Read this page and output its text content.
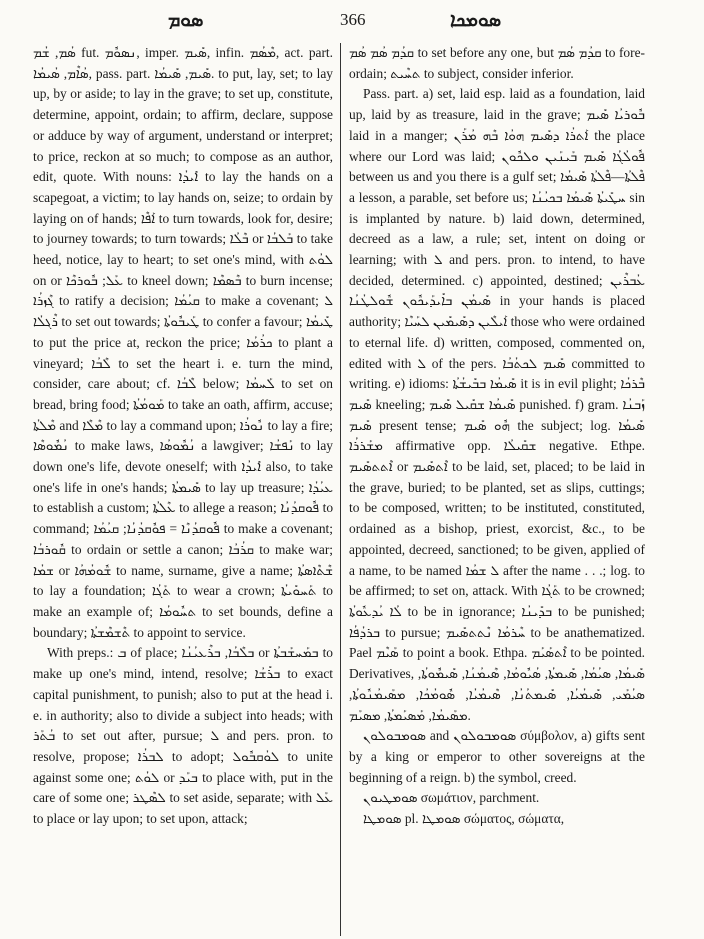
ܣܘܡ	366	ܣܘܡܟܐ

ܣܳܡ, ܫܳܡ fut. ܢܣܘܽܡ, imper. ܣܺܝܡ, infin. ܡܶܣܳܡ, act. part. ܣܳܐܶܡ, ܣܳܝܡܳܐ, pass. part. ܣܺܝܡ, ܣܺܝܡܳܐ. to put, lay, set; to lay up, by or aside; to lay in the grave; to set up, constitute, determine, appoint, ordain; to affirm, declare, suppose or adduce by way of argument, understand or interpret; to price, reckon at so much; to compose as an author, edit, quote. With nouns: ܐܺܝܕܳܐ to lay the hands on a scapegoat, a victim; to lay hands on, seize; to ordain by laying on of hands; ܐܰܦܶܐ to turn towards, look for, desire; to journey towards; to turn towards; ܒܶܠܳܐ or ܒܰܠܒܳܐ to take heed, notice, lay to heart; to set one's mind, with ܠܘܳܬ on or ܥܰܠ; ܒܽܘܪܟܶܐ to kneel down; ܒܶܣܡܶܐ to burn incense; ܓܶܙܪܳܐ to ratify a decision; ܩܝܳܡܳܐ to make a covenant; ܠ ܪܶܓܠܳܐ to set out towards; ܛܰܝܒܽܘܬܳܐ to confer a favour; ܛܺܝܡܳܐ to put the price at, reckon the price; ܟܪܳܡܳܐ to plant a vineyard; ܠܶܒܳܐ to set the heart i. e. turn the mind, consider, care about; cf. ܠܶܒܳܐ below; ܠܰܚܡܳܐ to set on bread, bring food; ܡܰܘܡܳܬܳܐ to take an oath, affirm, accuse; ܡܶܠܬܳܐ and ܡܶܠܶܐ to lay a command upon; ܢܽܘܪܳܐ to lay a fire; ܢܳܡܽܘܣܶܐ to make laws, ܢܳܡܽܘܣܳܐ a lawgiver; ܢܰܦܫܳܐ to lay down one's life, devote oneself; with ܐܺܝܕܳܐ also, to take one's life in one's hands; ܣܺܝܡܬܳܐ to lay up treasure; ܥܝܳܕܳܐ to establish a custom; ܥܶܠܬܳܐ to allege a reason; ܦܽܘܩܕܳܢܳܐ to command; ܦܽܘܩܕܳܢܶܐ = ܦܘܽܩܕܳܢܳܐ; ܩܝܳܡܳܐ to make a covenant; ܩܽܘܪܒܳܐ to ordain or settle a canon; ܩܪܳܒܳܐ to make war; ܫܡܳܐ or ܫܽܘܡܳܗܳܐ to name, surname, give a name; ܫܶܬܶܐܣܬܳܐ to lay a foundation; ܬܰܓܳܐ to wear a crown; ܬܰܚܘܺܝܬܳܐ to make an example of; ܬܚܽܘܡܳܐ to set bounds, define a boundary; ܬܶܫܡܶܫܬܳܐ to appoint to service.

With preps.: ܒ of place; ܒܠܶܒܳܐ, ܒܪܶܥܝܳܢܳܐ or ܒܡܰܚܫܰܒܬܳܐ to make up one's mind, intend, resolve; ܒܪܺܫܳܐ to exact capital punishment, to punish; also to put at the head i. e. in authority; also to divide a subject into heads; with ܒܳܬܰܪ to set out after, pursue; ܠ and pers. pron. to resolve, propose; ܠܒܪܳܐ to adopt; ܠܘܳܩܒܽܘܠ to unite against some one; ܠܘܳܬ or ܒܝܰܕ to place with, put in the care of some one; ܠܣܶܛܪ to set aside, separate; with ܥܰܠ to place or lay upon; to set upon, attack;

ܩܕܳܡ ܣܳܡ ܣܳܡ to set before any one, but ܩܕܳܡ ܣܳܡ to fore-ordain; ܬܚܶܝܬ to subject, consider inferior.

Pass. part. a) set, laid esp. laid as a foundation, laid up, laid by as treasure, laid in the grave; ܒܽܘܪܝܳܐ ܣܺܝܡ laid in a manger; ܐܰܬܪܳܐ ܕܣܺܝܡ ܗܘܳܐ ܒܶܗ ܡܳܪܰܢ the place where our Lord was laid; ܦܽܘܠܳܓܳܐ ܣܺܝܡ ܒܰܝܢܰܝܢ ܘܠܟܽܘܢ between us and you there is a gulf set; ܦܶܠܬܳܐ—ܦܶܠܬܳܐ ܣܺܝܡܳܐ a lesson, a parable, set before us; ܚܛܺܝܬܳܐ ܣܺܝܡܳܐ ܒܟܝܳܢܳܐ sin is implanted by nature. b) laid down, determined, decreed as a law, a rule; set, intent on doing or learning; with ܠ and pers. pron. to intend, to have decided, determined. c) appointed, destined; ܥܳܒܪܶܝܢ ܣܺܝܡܳܢ ܒܐܺܝܕܰܝܟܽܘܢ ܫܽܘܠܛܳܢܳܐ in your hands is placed authority; ܐܰܝܠܶܝܢ ܕܣܺܝܡܺܝܢ ܠܚܰܝܶܐ those who were ordained to eternal life. d) written, composed, commented on, edited with ܠ of the pers. ܣܺܝܡ ܠܟܬܳܒܳܐ committed to writing. e) idioms: ܣܺܝܡܳܐ ܒܒܺܝܫܳܬܳܐ it is in evil plight; ܒܶܪܟܳܐ ܣܺܝܡ kneeling; ܣܺܝܡܳܐ ܫܩܺܝܠ ܣܺܝܡ punished. f) gram. ܙܰܒܢܳܐ ܣܺܝܡ present tense; ܗܽܘ ܣܺܝܡ the subject; log. ܣܺܝܡܳܐ ܡܫܰܪܪܳܐ affirmative opp. ܫܩܺܝܠܳܐ negative. Ethpe. ܐܶܬܬܣܺܝܡ or ܐܶܬܣܺܝܡ to be laid, set, placed; to be laid in the grave, buried; to be planted, set as slips, cuttings; to be composed, written; to be instituted, constituted, ordained as a bishop, priest, exorcist, &c., to be appointed, decreed, sanctioned; to be given, applied of a name, to be named ܠ ܫܡܳܐ after the name . . .; log. to be affirmed; to set on, attack. With ܬܰܓܳܐ to be crowned; ܠܳܐ ܝܳܕܥܽܘܬܳܐ to be in ignorance; ܒܕܺܝܢܳܐ to be punished; ܒܪܕܳܦܳܐ to pursue; ܚܶܪܡܳܐ ܢܶܬܬܣܺܝܡ to be anathematized. Pael ܣܰܝܶܡ to point a book. Ethpa. ܐܶܬܣܰܝܰܡ to be pointed. Derivatives, ܣܺܝܡܳܐ, ܣܝܳܡܳܐ, ܣܺܝܡܬܳܐ, ܣܳܝܽܘܡܳܐ, ܣܶܝܡܳܢܳܐ, ܣܺܝܡܽܘܬܳܐ, ܣܝܳܡܰܝ, ܣܺܝܡܳܝܳܐ, ܣܺܝܡܬܳܢܳܐ, ܣܶܝܡܳܝܳܐ, ܣܽܘܡܳܟܳܐ, ܡܣܰܝܡܳܢܽܘܬܳܐ, ܡܣܰܝܡܳܐ, ܡܰܣܝܰܡܬܳܐ, ܡܣܝܰܡ.

ܣܘܡܒܘܠܘܢ and ܣܘܡܒܘܠܘܢ σύμβολον, a) gifts sent by a king or emperor to other sovereigns at the beginning of a reign. b) the symbol, creed.

ܣܘܡܛܝܘܢ σωμάτιον, parchment.

ܣܘܡܛܐ pl. ܣܘܡܛܐ σώματος, σώματα,
